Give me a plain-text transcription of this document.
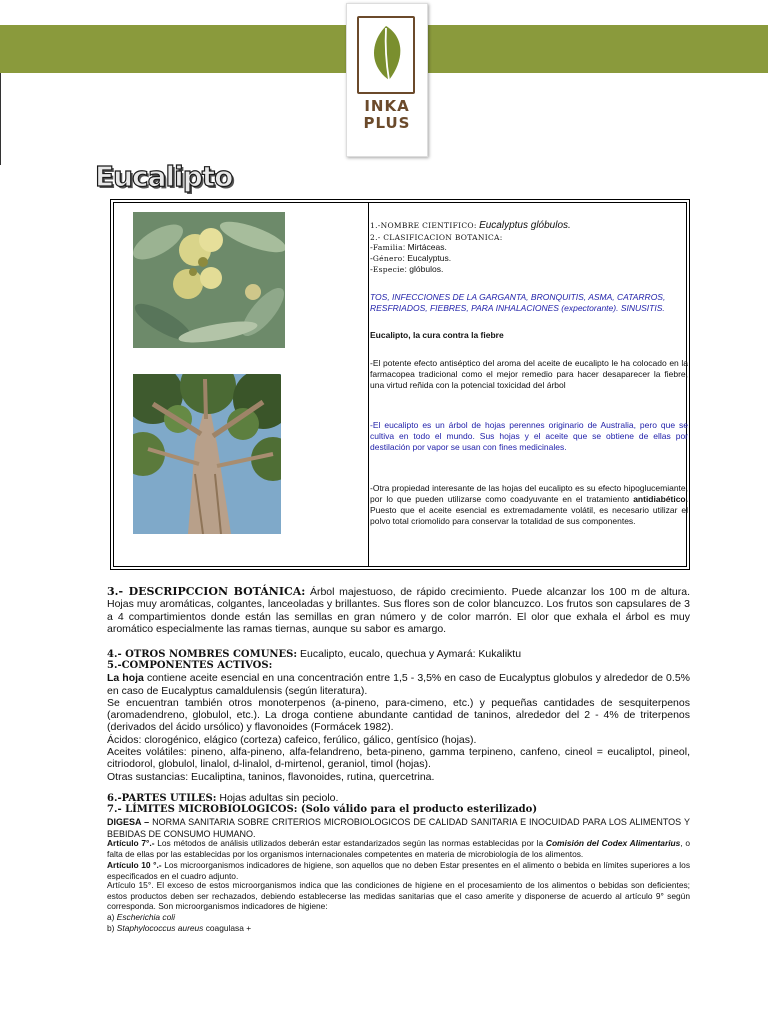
INKA
PLUS
Eucalipto
1.-NOMBRE CIENTIFICO: Eucalyptus glóbulos.
2.- CLASIFICACION BOTANICA:
-Familia: Mirtáceas.
-Género: Eucalyptus.
-Especie: glóbulos.
TOS, INFECCIONES DE LA GARGANTA, BRONQUITIS, ASMA, CATARROS, RESFRIADOS, FIEBRES, PARA INHALACIONES (expectorante). SINUSITIS.
Eucalipto, la cura contra la fiebre
-El potente efecto antiséptico del aroma del aceite de eucalipto le ha colocado en la farmacopea tradicional como el mejor remedio para hacer desaparecer la fiebre, una virtud reñida con la potencial toxicidad del árbol
-El eucalipto es un árbol de hojas perennes originario de Australia, pero que se cultiva en todo el mundo. Sus hojas y el aceite que se obtiene de ellas por destilación por vapor se usan con fines medicinales.
-Otra propiedad interesante de las hojas del eucalipto es su efecto hipoglucemiante, por lo que pueden utilizarse como coadyuvante en el tratamiento antidiabético. Puesto que el aceite esencial es extremadamente volátil, es necesario utilizar el polvo total criomolido para conservar la totalidad de sus componentes.
3.- DESCRIPCCION BOTÁNICA: Árbol majestuoso, de rápido crecimiento. Puede alcanzar los 100 m de altura. Hojas muy aromáticas, colgantes, lanceoladas y brillantes. Sus flores son de color blancuzco. Los frutos son capsulares de 3 a 4 compartimientos donde están las semillas en gran número y de color marrón. El olor que exhala el árbol es muy aromático especialmente las ramas tiernas, aunque su sabor es amargo.
4.- OTROS NOMBRES COMUNES: Eucalipto, eucalo, quechua y Aymará: Kukaliktu
5.-COMPONENTES ACTIVOS:
La hoja contiene aceite esencial en una concentración entre 1,5 - 3,5% en caso de Eucalyptus globulos y alrededor de 0.5% en caso de Eucalyptus camaldulensis (según literatura).
Se encuentran también otros monoterpenos (a-pineno, para-cimeno, etc.) y pequeñas cantidades de sesquiterpenos (aromadendreno, globulol, etc.). La droga contiene abundante cantidad de taninos, alrededor del 2 - 4% de triterpenos (derivados del ácido ursólico) y flavonoides (Formácek 1982).
Ácidos: clorogénico, elágico (corteza) cafeico, ferúlico, gálico, gentísico (hojas).
Aceites volátiles: pineno, alfa-pineno, alfa-felandreno, beta-pineno, gamma terpineno, canfeno, cineol = eucaliptol, pineol, citriodorol, globulol, linalol, d-linalol, d-mirtenol, geraniol, timol (hojas).
Otras sustancias: Eucaliptina, taninos, flavonoides, rutina, quercetrina.
6.-PARTES UTILES: Hojas adultas sin peciolo.
7.- LÍMITES MICROBIOLOGICOS: (Solo válido para el producto esterilizado)
DIGESA – NORMA SANITARIA SOBRE CRITERIOS MICROBIOLOGICOS DE CALIDAD SANITARIA E INOCUIDAD PARA LOS ALIMENTOS Y BEBIDAS DE CONSUMO HUMANO.
Artículo 7°.- Los métodos de análisis utilizados deberán estar estandarizados según las normas establecidas por la Comisión del Codex Alimentarius, o falta de ellas por las establecidas por los organismos internacionales competentes en materia de microbiología de los alimentos.
Artículo 10 °.- Los microorganismos indicadores de higiene, son aquellos que no deben Estar presentes en el alimento o bebida en límites superiores a los especificados en el cuadro adjunto.
Artículo 15°. El exceso de estos microorganismos indica que las condiciones de higiene en el procesamiento de los alimentos o bebidas son deficientes; estos productos deben ser rechazados, debiendo establecerse las medidas sanitarias que el caso amerite y disponerse de acuerdo al artículo 9° según corresponda. Son microorganismos indicadores de higiene:
a) Escherichia coli
b) Staphylococcus aureus coagulasa +
